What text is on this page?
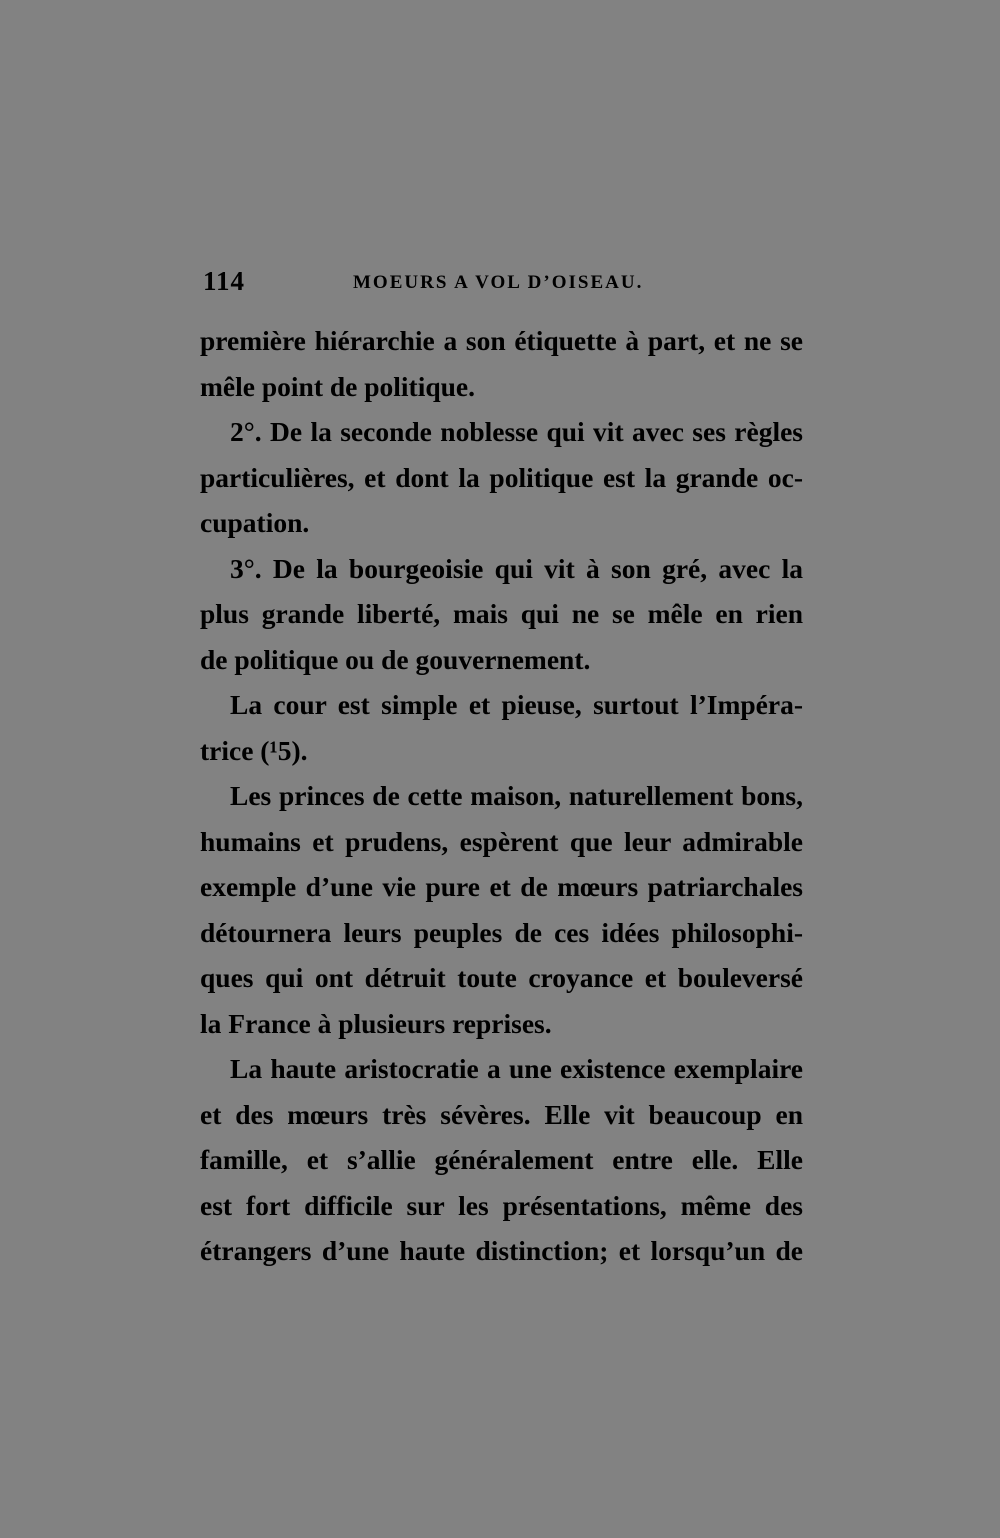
114	MOEURS A VOL D’OISEAU.
première hiérarchie a son étiquette à part, et ne se
mêle point de politique.
2°. De la seconde noblesse qui vit avec ses règles
particulières, et dont la politique est la grande oc-
cupation.
3°. De la bourgeoisie qui vit à son gré, avec la
plus grande liberté, mais qui ne se mêle en rien
de politique ou de gouvernement.
La cour est simple et pieuse, surtout l’Impéra-
trice (¹5).
Les princes de cette maison, naturellement bons,
humains et prudens, espèrent que leur admirable
exemple d’une vie pure et de mœurs patriarchales
détournera leurs peuples de ces idées philosophi-
ques qui ont détruit toute croyance et bouleversé
la France à plusieurs reprises.
La haute aristocratie a une existence exemplaire
et des mœurs très sévères. Elle vit beaucoup en
famille, et s’allie généralement entre elle. Elle
est fort difficile sur les présentations, même des
étrangers d’une haute distinction; et lorsqu’un de
